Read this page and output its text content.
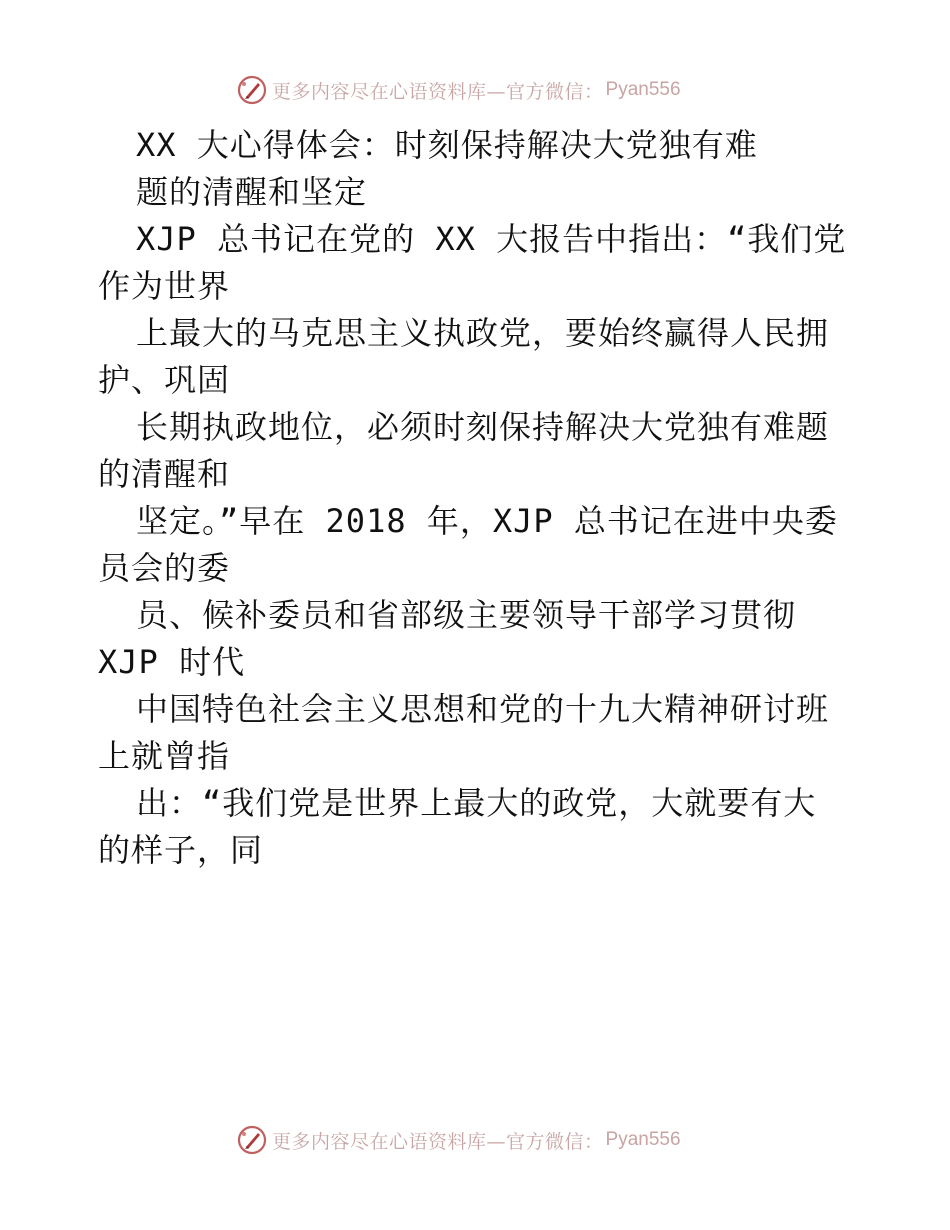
更多内容尽在心语资料库—官方微信： Pyan556
XX 大心得体会：时刻保持解决大党独有难
题的清醒和坚定
XJP 总书记在党的 XX 大报告中指出：“我们党
作为世界
上最大的马克思主义执政党，要始终赢得人民拥
护、巩固
长期执政地位，必须时刻保持解决大党独有难题
的清醒和
坚定。”早在 2018 年，XJP 总书记在进中央委
员会的委
员、候补委员和省部级主要领导干部学习贯彻
XJP 时代
中国特色社会主义思想和党的十九大精神研讨班
上就曾指
出：“我们党是世界上最大的政党，大就要有大
的样子，同
更多内容尽在心语资料库—官方微信： Pyan556
